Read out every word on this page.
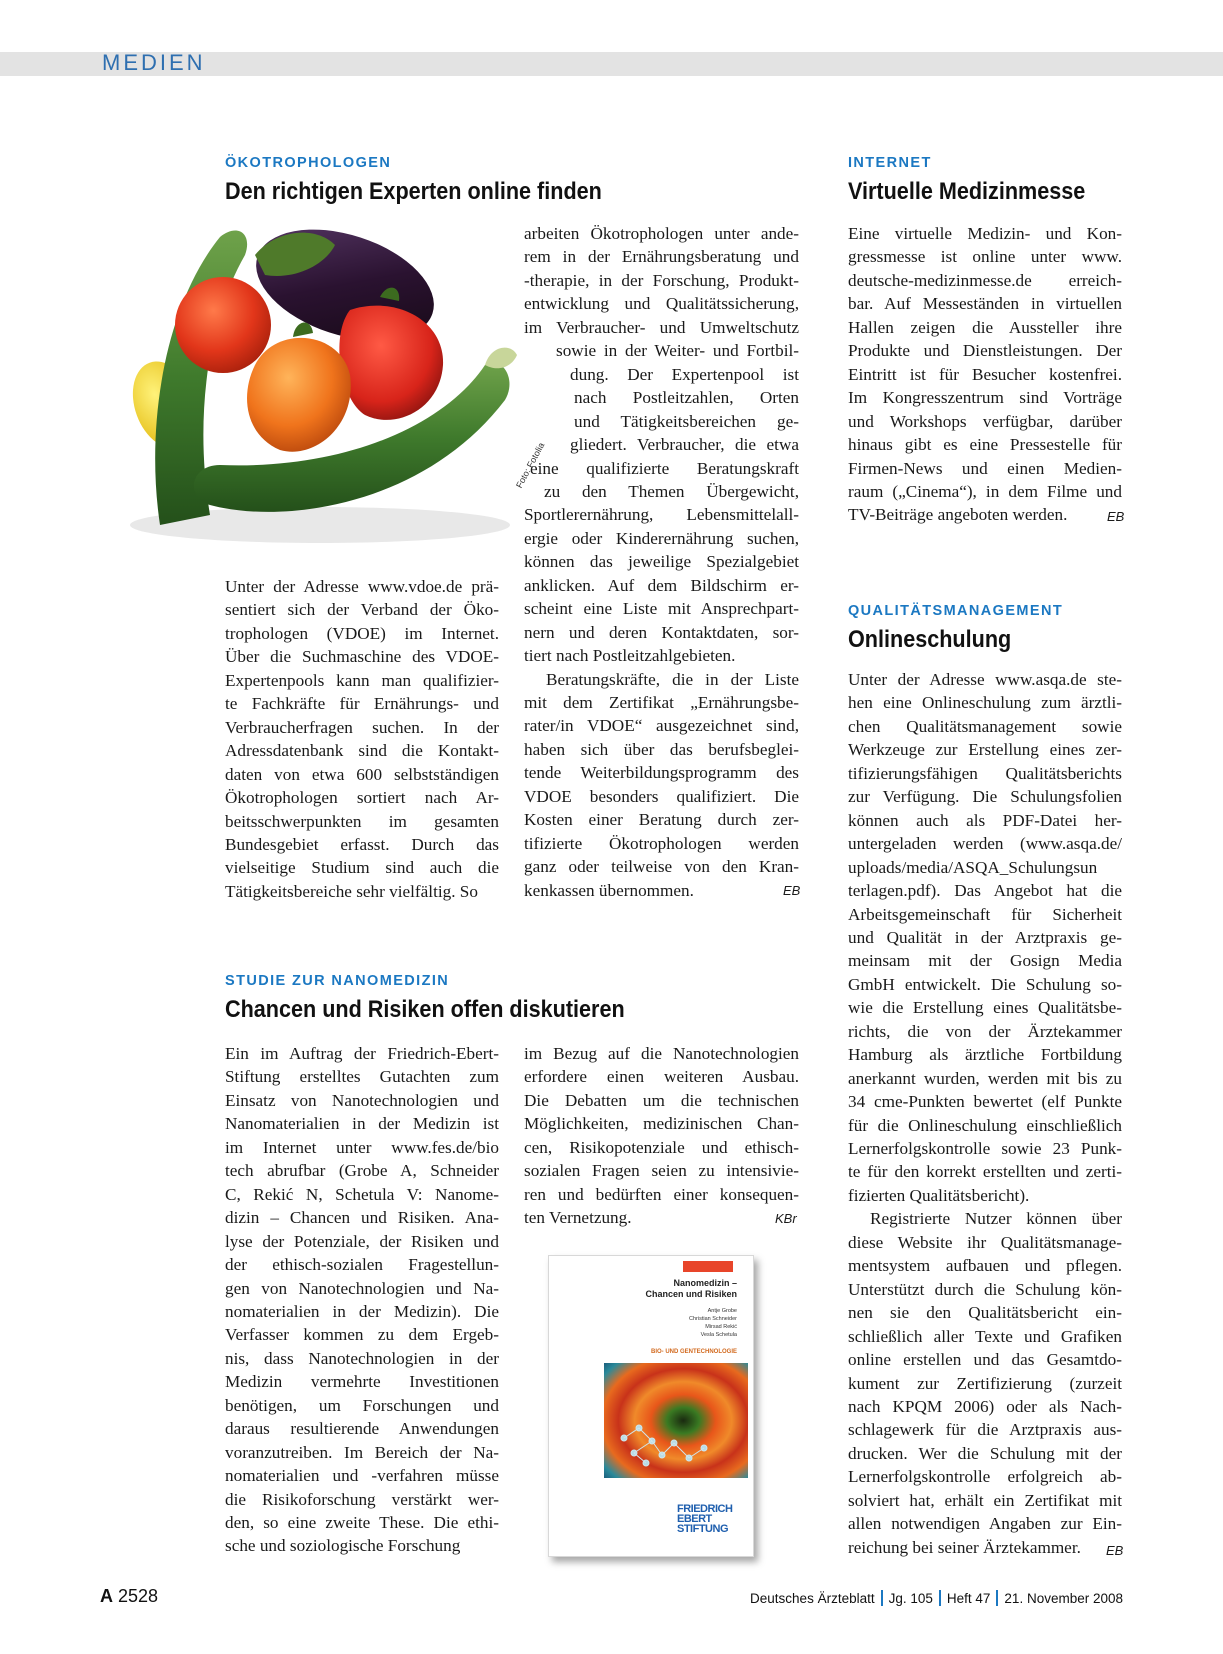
MEDIEN
ÖKOTROPHOLOGEN
Den richtigen Experten online finden
Foto: Fotolia
Unter der Adresse www.vdoe.de prä-
sentiert sich der Verband der Öko-
trophologen (VDOE) im Internet.
Über die Suchmaschine des VDOE-
Expertenpools kann man qualifizier-
te Fachkräfte für Ernährungs- und
Verbraucherfragen suchen. In der
Adressdatenbank sind die Kontakt-
daten von etwa 600 selbstständigen
Ökotrophologen sortiert nach Ar-
beitsschwerpunkten im gesamten
Bundesgebiet erfasst. Durch das
vielseitige Studium sind auch die
Tätigkeitsbereiche sehr vielfältig. So
arbeiten Ökotrophologen unter ande-
rem in der Ernährungsberatung und
-therapie, in der Forschung, Produkt-
entwicklung und Qualitätssicherung,
im Verbraucher- und Umweltschutz
sowie in der Weiter- und Fortbil-
dung. Der Expertenpool ist
nach Postleitzahlen, Orten
und Tätigkeitsbereichen ge-
gliedert. Verbraucher, die etwa
eine qualifizierte Beratungskraft
zu den Themen Übergewicht,
Sportlerernährung, Lebensmittelall-
ergie oder Kinderernährung suchen,
können das jeweilige Spezialgebiet
anklicken. Auf dem Bildschirm er-
scheint eine Liste mit Ansprechpart-
nern und deren Kontaktdaten, sor-
tiert nach Postleitzahlgebieten.
Beratungskräfte, die in der Liste
mit dem Zertifikat „Ernährungsbe-
rater/in VDOE“ ausgezeichnet sind,
haben sich über das berufsbeglei-
tende Weiterbildungsprogramm des
VDOE besonders qualifiziert. Die
Kosten einer Beratung durch zer-
tifizierte Ökotrophologen werden
ganz oder teilweise von den Kran-
kenkassen übernommen.	EB
STUDIE ZUR NANOMEDIZIN
Chancen und Risiken offen diskutieren
Ein im Auftrag der Friedrich-Ebert-
Stiftung erstelltes Gutachten zum
Einsatz von Nanotechnologien und
Nanomaterialien in der Medizin ist
im Internet unter www.fes.de/bio
tech abrufbar (Grobe A, Schneider
C, Rekić N, Schetula V: Nanome-
dizin – Chancen und Risiken. Ana-
lyse der Potenziale, der Risiken und
der ethisch-sozialen Fragestellun-
gen von Nanotechnologien und Na-
nomaterialien in der Medizin). Die
Verfasser kommen zu dem Ergeb-
nis, dass Nanotechnologien in der
Medizin vermehrte Investitionen
benötigen, um Forschungen und
daraus resultierende Anwendungen
voranzutreiben. Im Bereich der Na-
nomaterialien und -verfahren müsse
die Risikoforschung verstärkt wer-
den, so eine zweite These. Die ethi-
sche und soziologische Forschung
im Bezug auf die Nanotechnologien
erfordere einen weiteren Ausbau.
Die Debatten um die technischen
Möglichkeiten, medizinischen Chan-
cen, Risikopotenziale und ethisch-
sozialen Fragen seien zu intensivie-
ren und bedürften einer konsequen-
ten Vernetzung.	KBr
Nanomedizin –
Chancen und Risiken
Antje Grobe
Christian Schneider
Mirsad Rekić
Vesla Schetula
BIO- UND GENTECHNOLOGIE
FRIEDRICH
EBERT
STIFTUNG
INTERNET
Virtuelle Medizinmesse
Eine virtuelle Medizin- und Kon-
gressmesse ist online unter www.
deutsche-medizinmesse.de erreich-
bar. Auf Messeständen in virtuellen
Hallen zeigen die Aussteller ihre
Produkte und Dienstleistungen. Der
Eintritt ist für Besucher kostenfrei.
Im Kongresszentrum sind Vorträge
und Workshops verfügbar, darüber
hinaus gibt es eine Pressestelle für
Firmen-News und einen Medien-
raum („Cinema“), in dem Filme und
TV-Beiträge angeboten werden.	EB
QUALITÄTSMANAGEMENT
Onlineschulung
Unter der Adresse www.asqa.de ste-
hen eine Onlineschulung zum ärztli-
chen Qualitätsmanagement sowie
Werkzeuge zur Erstellung eines zer-
tifizierungsfähigen Qualitätsberichts
zur Verfügung. Die Schulungsfolien
können auch als PDF-Datei her-
untergeladen werden (www.asqa.de/
uploads/media/ASQA_Schulungsun
terlagen.pdf). Das Angebot hat die
Arbeitsgemeinschaft für Sicherheit
und Qualität in der Arztpraxis ge-
meinsam mit der Gosign Media
GmbH entwickelt. Die Schulung so-
wie die Erstellung eines Qualitätsbe-
richts, die von der Ärztekammer
Hamburg als ärztliche Fortbildung
anerkannt wurden, werden mit bis zu
34 cme-Punkten bewertet (elf Punkte
für die Onlineschulung einschließlich
Lernerfolgskontrolle sowie 23 Punk-
te für den korrekt erstellten und zerti-
fizierten Qualitätsbericht).
Registrierte Nutzer können über
diese Website ihr Qualitätsmanage-
mentsystem aufbauen und pflegen.
Unterstützt durch die Schulung kön-
nen sie den Qualitätsbericht ein-
schließlich aller Texte und Grafiken
online erstellen und das Gesamtdo-
kument zur Zertifizierung (zurzeit
nach KPQM 2006) oder als Nach-
schlagewerk für die Arztpraxis aus-
drucken. Wer die Schulung mit der
Lernerfolgskontrolle erfolgreich ab-
solviert hat, erhält ein Zertifikat mit
allen notwendigen Angaben zur Ein-
reichung bei seiner Ärztekammer.	EB
A 2528	Deutsches Ärzteblatt Jg. 105 Heft 47 21. November 2008
